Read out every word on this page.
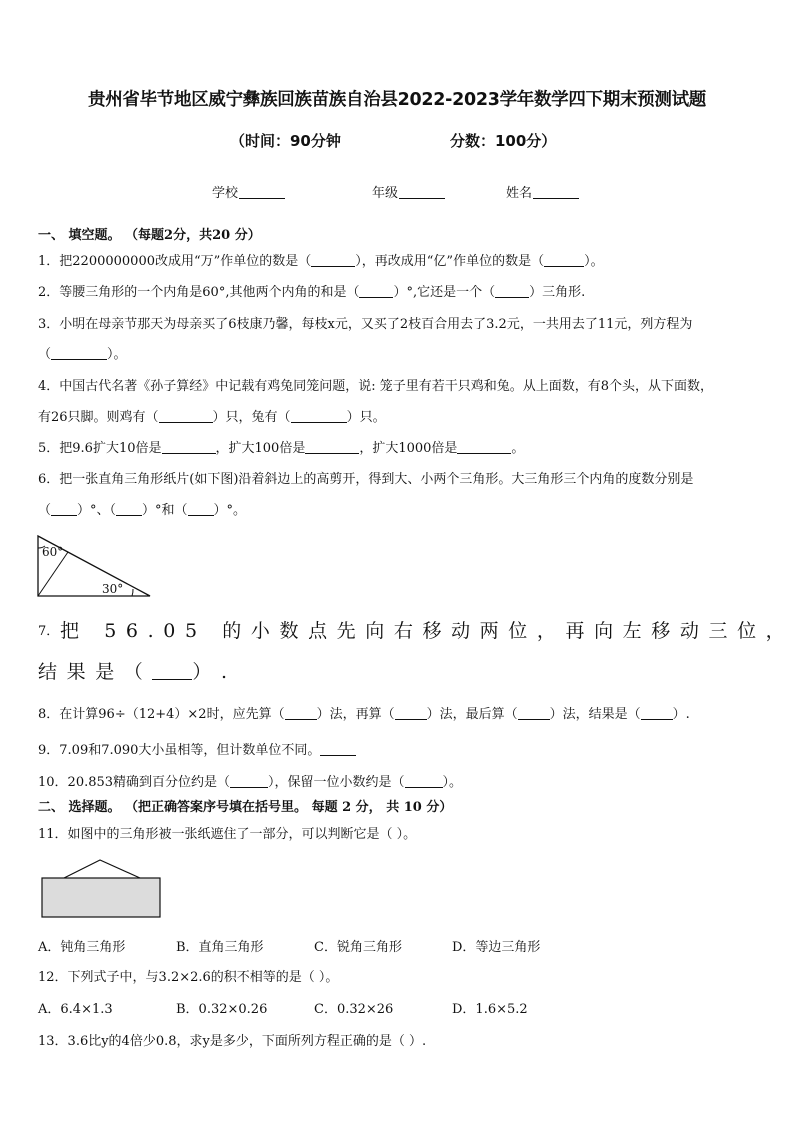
贵州省毕节地区威宁彝族回族苗族自治县2022-2023学年数学四下期末预测试题
（时间：90分钟	分数：100分）
学校	年级	姓名
一、 填空题。 （每题2分，共20 分）
1．把2200000000改成用“万”作单位的数是（	），再改成用“亿”作单位的数是（	）。
2．等腰三角形的一个内角是60°,其他两个内角的和是（	）°,它还是一个（	）三角形.
3．小明在母亲节那天为母亲买了6枝康乃馨，每枝x元，又买了2枝百合用去了3.2元，一共用去了11元，列方程为
（	）。
4．中国古代名著《孙子算经》中记载有鸡兔同笼问题，说: 笼子里有若干只鸡和兔。从上面数，有8个头，从下面数，
有26只脚。则鸡有（	）只，兔有（	）只。
5．把9.6扩大10倍是	，扩大100倍是	，扩大1000倍是	。
6．把一张直角三角形纸片(如下图)沿着斜边上的高剪开，得到大、小两个三角形。大三角形三个内角的度数分别是
（ ）°、（ ）°和（ ）°。
60°
30°
7． 把 56.05 的小数点先向右移动两位，再向左移动三位，
结果是（ ）.
8．在计算96÷（12+4）×2时，应先算（ ）法，再算（ ）法，最后算（ ）法，结果是（ ）.
9．7.09和7.090大小虽相等，但计数单位不同。
10．20.853精确到百分位约是（	），保留一位小数约是（	）。
二、 选择题。 （把正确答案序号填在括号里。 每题 2 分， 共 10 分）
11．如图中的三角形被一张纸遮住了一部分，可以判断它是（ ）。
A．钝角三角形	B．直角三角形	C．锐角三角形	D．等边三角形
12．下列式子中，与3.2×2.6的积不相等的是（ ）。
A．6.4×1.3	B．0.32×0.26	C．0.32×26	D．1.6×5.2
13．3.6比y的4倍少0.8，求y是多少，下面所列方程正确的是（ ）.
